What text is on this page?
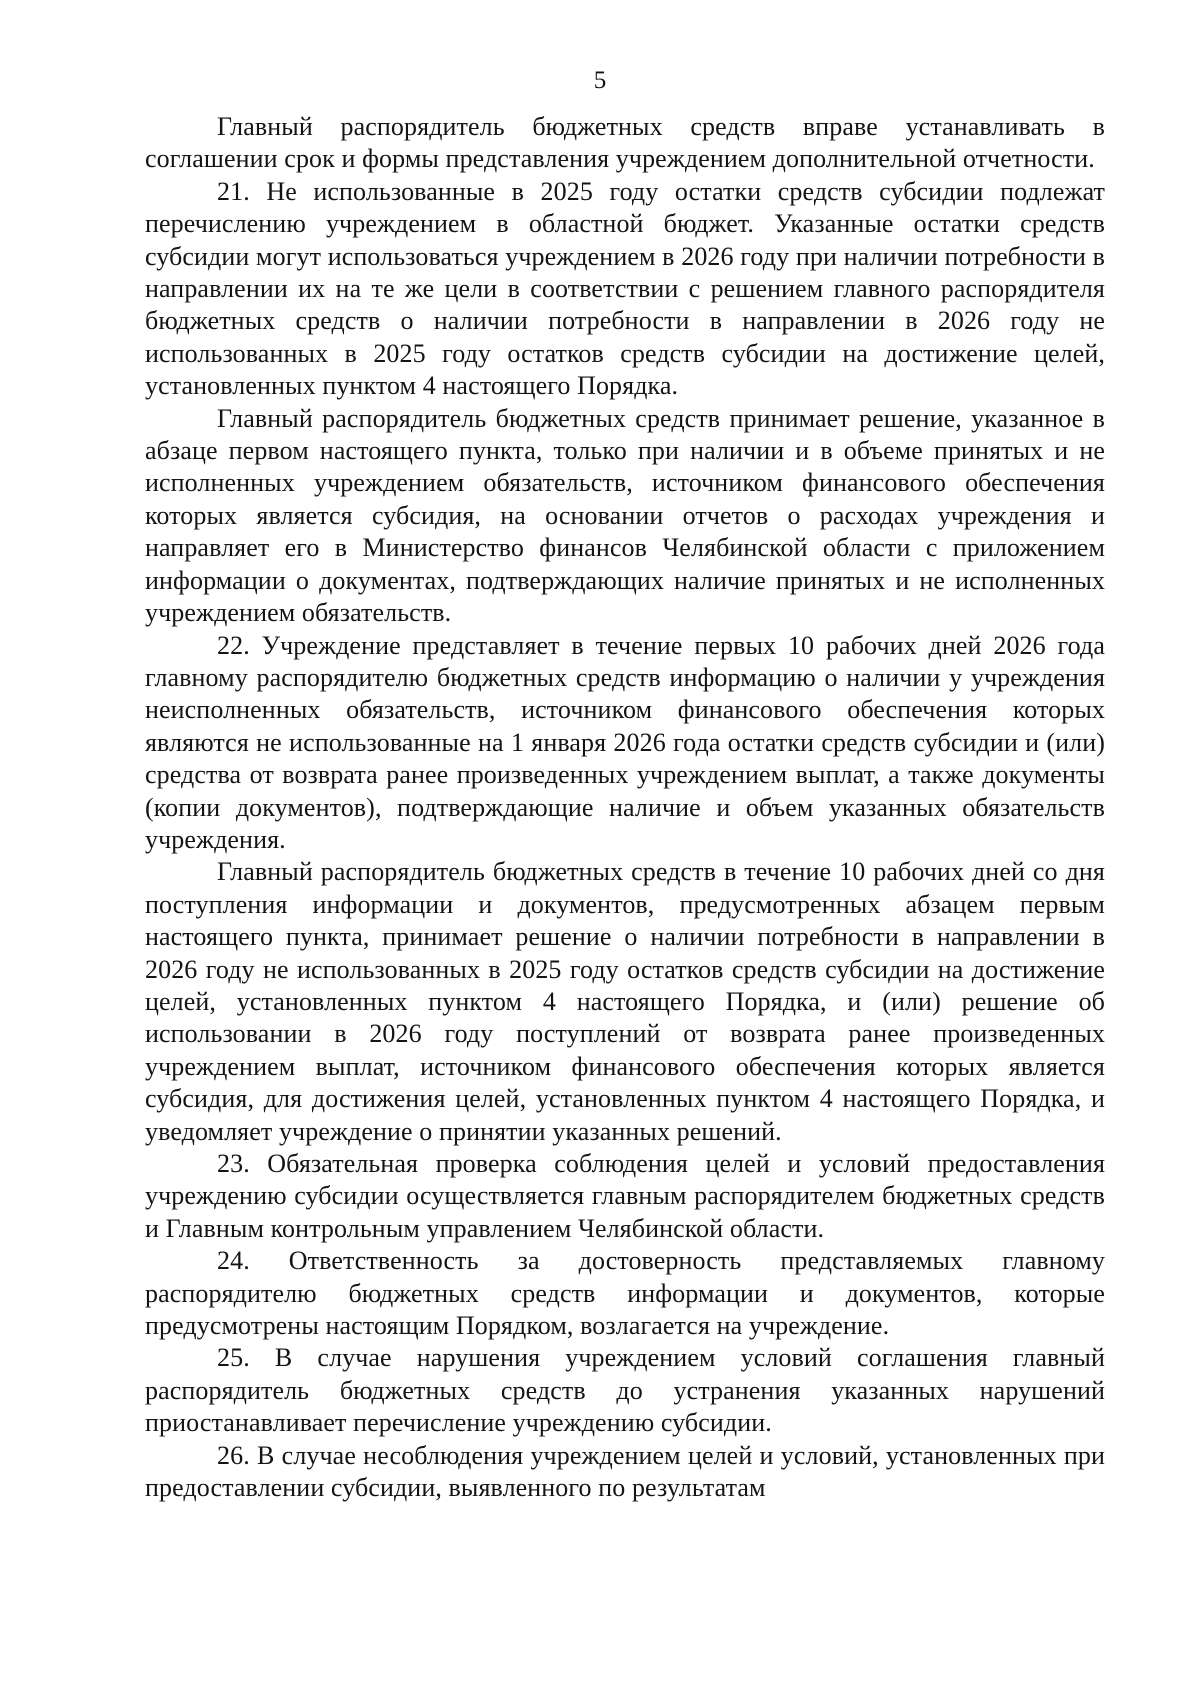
5

Главный распорядитель бюджетных средств вправе устанавливать в соглашении срок и формы представления учреждением дополнительной отчетности.

21. Не использованные в 2025 году остатки средств субсидии подлежат перечислению учреждением в областной бюджет. Указанные остатки средств субсидии могут использоваться учреждением в 2026 году при наличии потребности в направлении их на те же цели в соответствии с решением главного распорядителя бюджетных средств о наличии потребности в направлении в 2026 году не использованных в 2025 году остатков средств субсидии на достижение целей, установленных пунктом 4 настоящего Порядка.

Главный распорядитель бюджетных средств принимает решение, указанное в абзаце первом настоящего пункта, только при наличии и в объеме принятых и не исполненных учреждением обязательств, источником финансового обеспечения которых является субсидия, на основании отчетов о расходах учреждения и направляет его в Министерство финансов Челябинской области с приложением информации о документах, подтверждающих наличие принятых и не исполненных учреждением обязательств.

22. Учреждение представляет в течение первых 10 рабочих дней 2026 года главному распорядителю бюджетных средств информацию о наличии у учреждения неисполненных обязательств, источником финансового обеспечения которых являются не использованные на 1 января 2026 года остатки средств субсидии и (или) средства от возврата ранее произведенных учреждением выплат, а также документы (копии документов), подтверждающие наличие и объем указанных обязательств учреждения.

Главный распорядитель бюджетных средств в течение 10 рабочих дней со дня поступления информации и документов, предусмотренных абзацем первым настоящего пункта, принимает решение о наличии потребности в направлении в 2026 году не использованных в 2025 году остатков средств субсидии на достижение целей, установленных пунктом 4 настоящего Порядка, и (или) решение об использовании в 2026 году поступлений от возврата ранее произведенных учреждением выплат, источником финансового обеспечения которых является субсидия, для достижения целей, установленных пунктом 4 настоящего Порядка, и уведомляет учреждение о принятии указанных решений.

23. Обязательная проверка соблюдения целей и условий предоставления учреждению субсидии осуществляется главным распорядителем бюджетных средств и Главным контрольным управлением Челябинской области.

24. Ответственность за достоверность представляемых главному распорядителю бюджетных средств информации и документов, которые предусмотрены настоящим Порядком, возлагается на учреждение.

25. В случае нарушения учреждением условий соглашения главный распорядитель бюджетных средств до устранения указанных нарушений приостанавливает перечисление учреждению субсидии.

26. В случае несоблюдения учреждением целей и условий, установленных при предоставлении субсидии, выявленного по результатам
